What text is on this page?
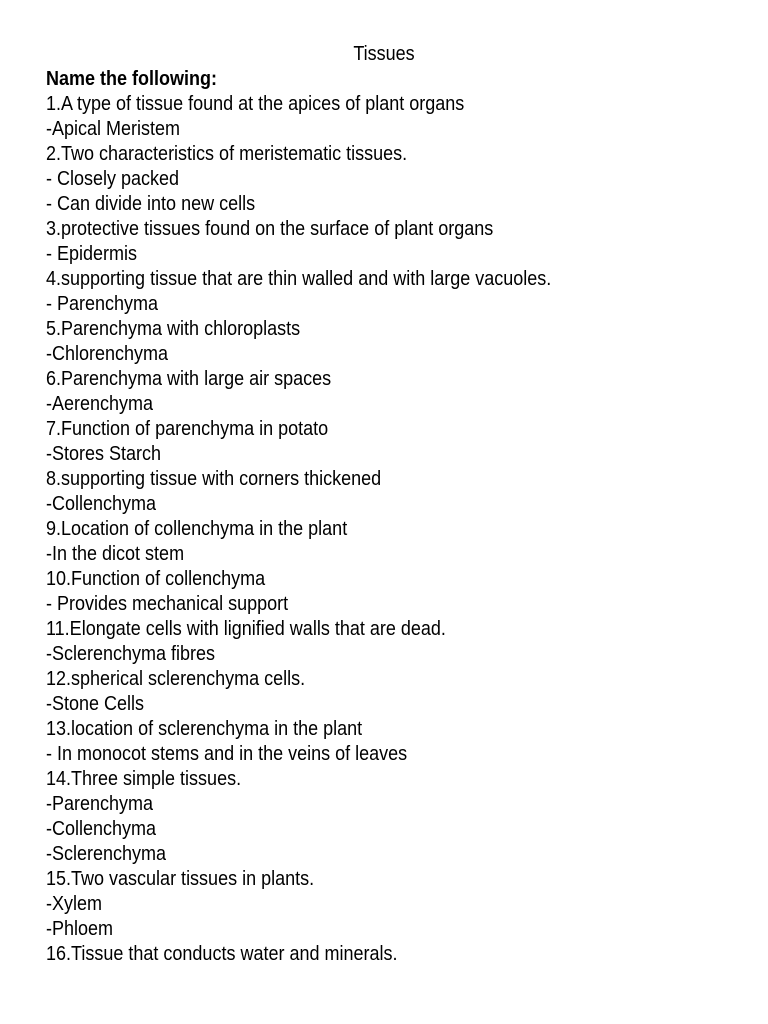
Tissues
Name the following:
1.A type of tissue found at the apices of plant organs
-Apical Meristem
2.Two characteristics of meristematic tissues.
- Closely packed
- Can divide into new cells
3.protective tissues found on the surface of plant organs
- Epidermis
4.supporting tissue that are thin walled and with large vacuoles.
- Parenchyma
5.Parenchyma with chloroplasts
-Chlorenchyma
6.Parenchyma with large air spaces
-Aerenchyma
7.Function of parenchyma in potato
-Stores Starch
8.supporting tissue with corners thickened
-Collenchyma
9.Location of collenchyma in the plant
-In the dicot stem
10.Function of collenchyma
- Provides mechanical support
11.Elongate cells with lignified walls that are dead.
-Sclerenchyma fibres
12.spherical sclerenchyma cells.
-Stone Cells
13.location of sclerenchyma in the plant
- In monocot stems and in the veins of leaves
14.Three simple tissues.
-Parenchyma
-Collenchyma
-Sclerenchyma
15.Two vascular tissues in plants.
-Xylem
-Phloem
16.Tissue that conducts water and minerals.
